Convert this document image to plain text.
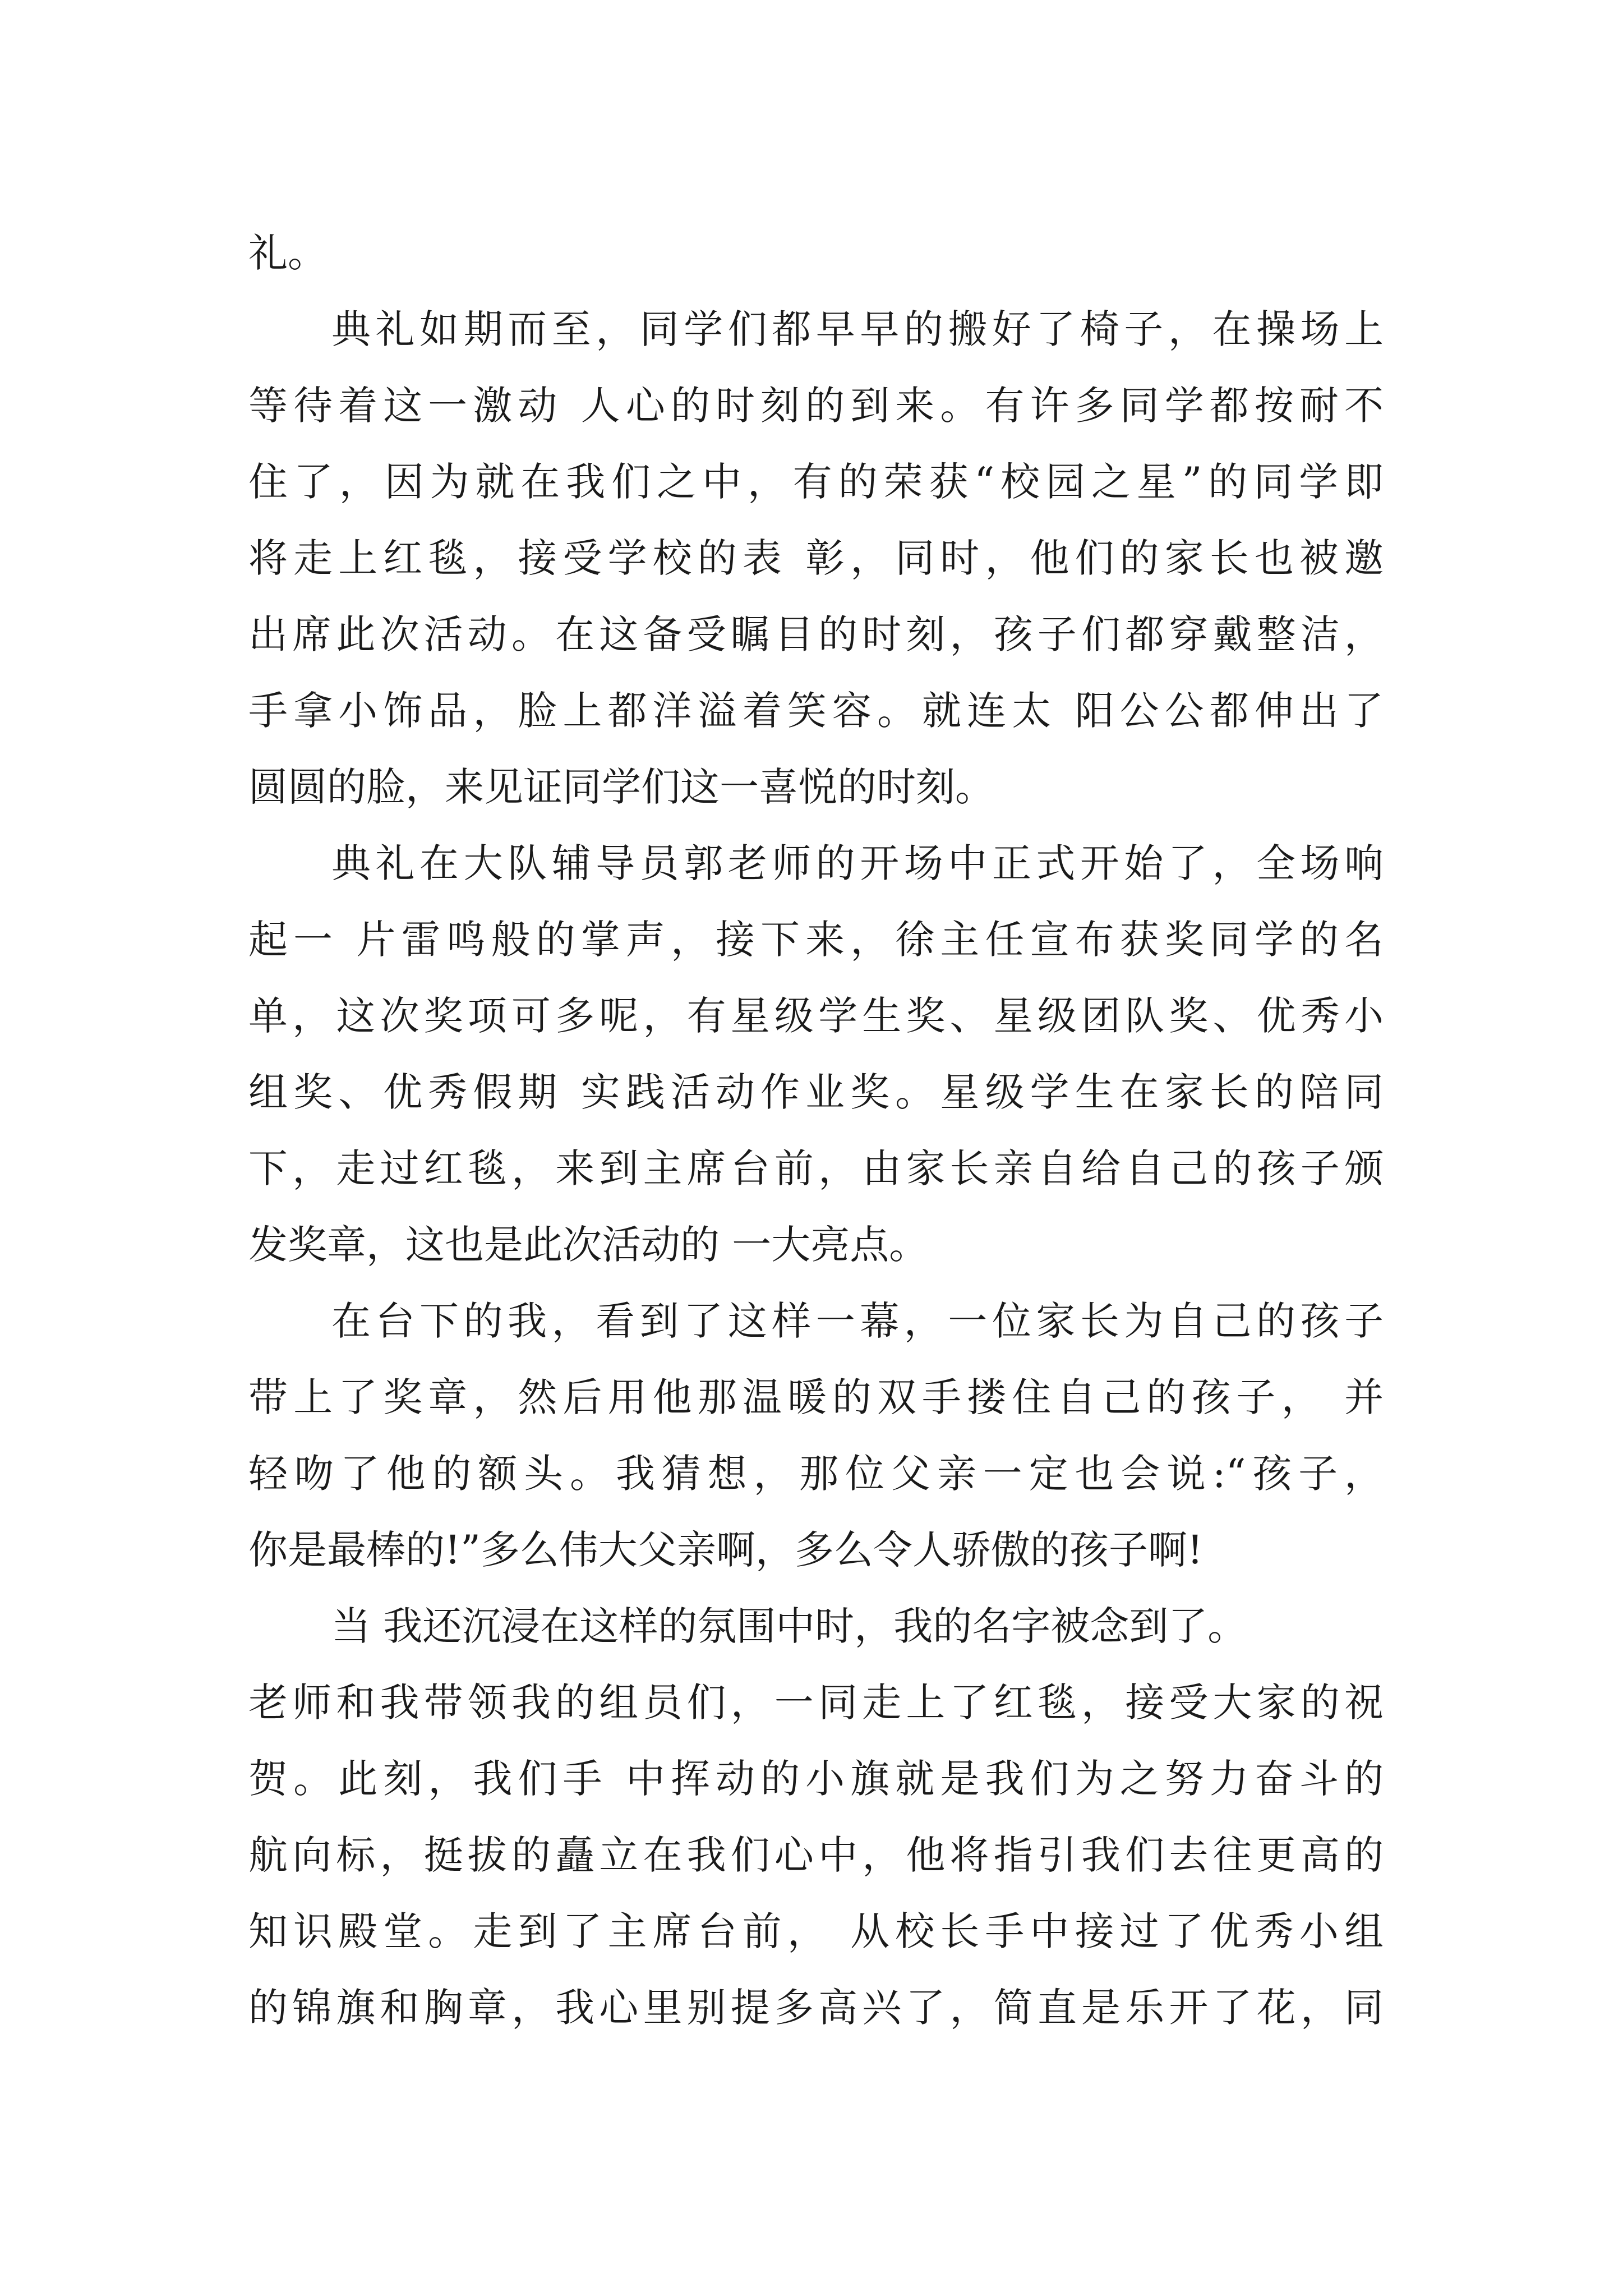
礼。
典礼如期而至，同学们都早早的搬好了椅子，在操场上
等待着这一激动 人心的时刻的到来。有许多同学都按耐不
住了，因为就在我们之中，有的荣获“校园之星”的同学即
将走上红毯，接受学校的表 彰，同时，他们的家长也被邀
出席此次活动。在这备受瞩目的时刻，孩子们都穿戴整洁，
手拿小饰品，脸上都洋溢着笑容。就连太 阳公公都伸出了
圆圆的脸，来见证同学们这一喜悦的时刻。
典礼在大队辅导员郭老师的开场中正式开始了，全场响
起一 片雷鸣般的掌声，接下来，徐主任宣布获奖同学的名
单，这次奖项可多呢，有星级学生奖、星级团队奖、优秀小
组奖、优秀假期 实践活动作业奖。星级学生在家长的陪同
下，走过红毯，来到主席台前，由家长亲自给自己的孩子颁
发奖章，这也是此次活动的 一大亮点。
在台下的我，看到了这样一幕，一位家长为自己的孩子
带上了奖章，然后用他那温暖的双手搂住自己的孩子， 并
轻吻了他的额头。我猜想，那位父亲一定也会说:“孩子，
你是最棒的!”多么伟大父亲啊，多么令人骄傲的孩子啊!
当 我还沉浸在这样的氛围中时，我的名字被念到了。
老师和我带领我的组员们，一同走上了红毯，接受大家的祝
贺。此刻，我们手 中挥动的小旗就是我们为之努力奋斗的
航向标，挺拔的矗立在我们心中，他将指引我们去往更高的
知识殿堂。走到了主席台前， 从校长手中接过了优秀小组
的锦旗和胸章，我心里别提多高兴了，简直是乐开了花，同
